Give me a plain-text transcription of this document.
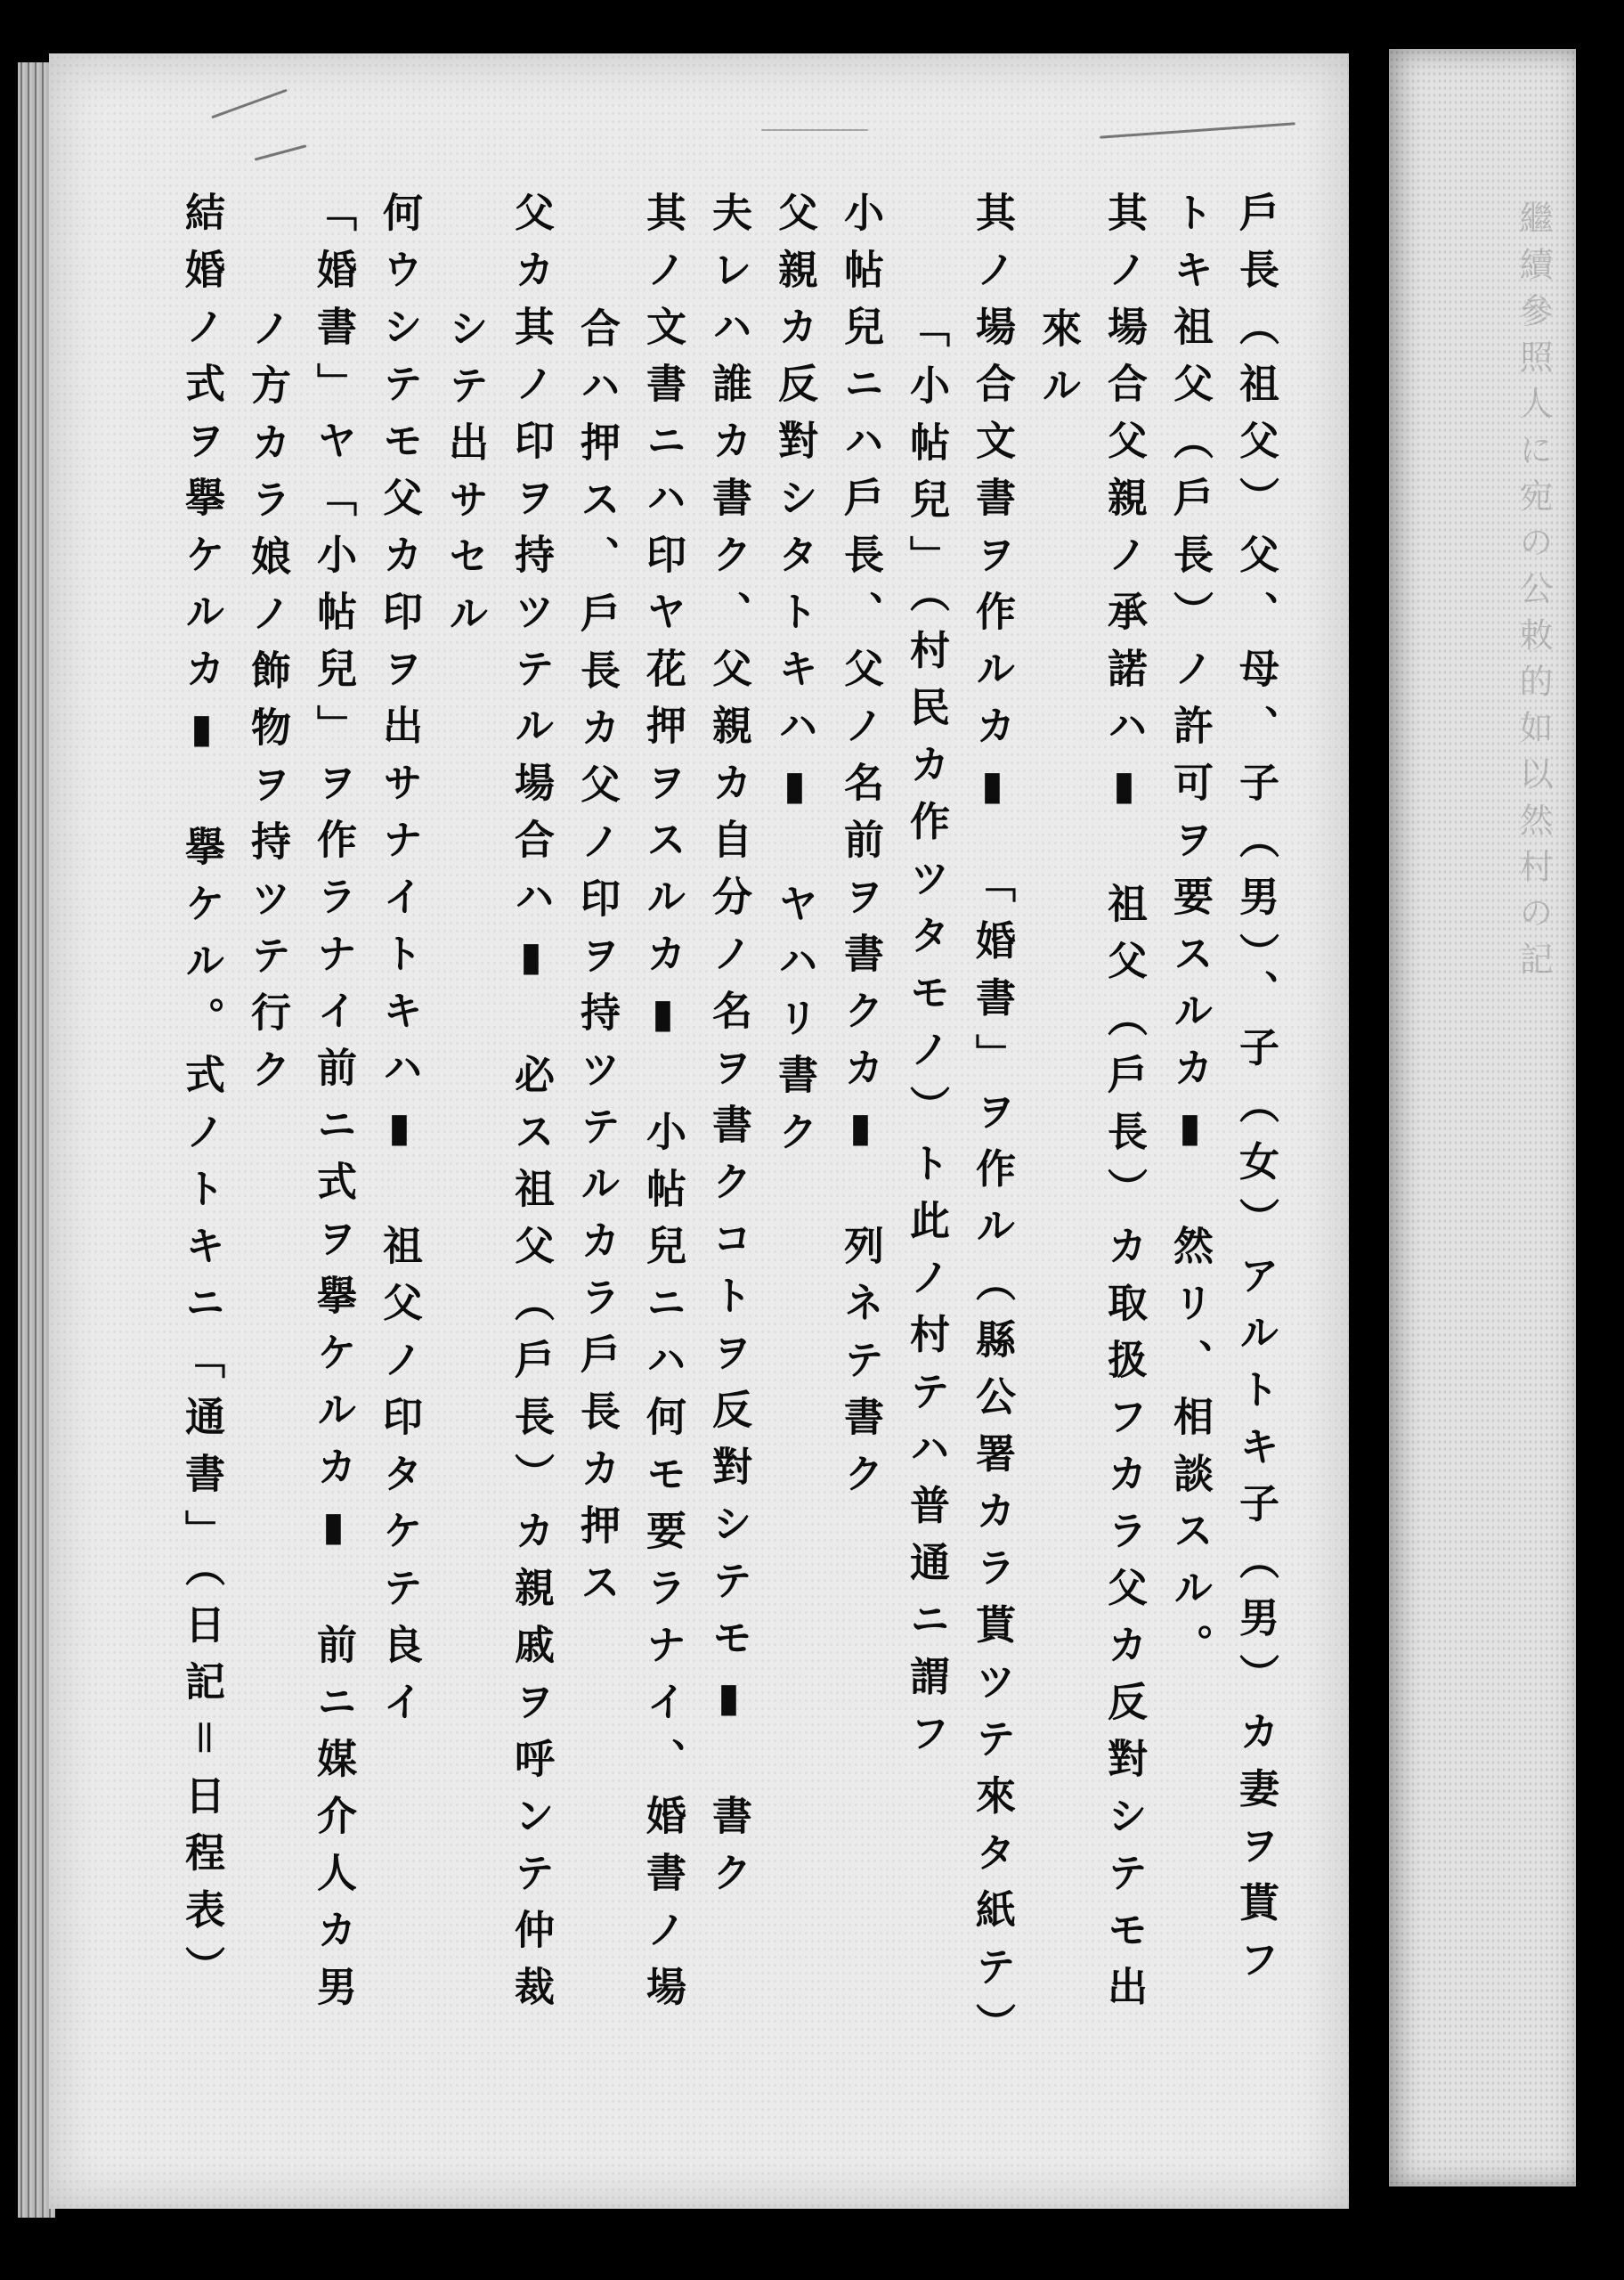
繼續參照人に宛の公敕的如以然村の記
戶長（祖父）父、母、子（男）、子（女）アルトキ子（男）カ妻ヲ貰フ
トキ祖父（戶長）ノ許可ヲ要スルカ▮　然リ、相談スル。
其ノ場合父親ノ承諾ハ▮　祖父（戶長）カ取扱フカラ父カ反對シテモ出
來ル
其ノ場合文書ヲ作ルカ▮　「婚書」ヲ作ル（縣公署カラ貰ツテ來タ紙テ）
「小帖兒」（村民カ作ツタモノ）ト此ノ村テハ普通ニ謂フ
小帖兒ニハ戶長、父ノ名前ヲ書クカ▮　列ネテ書ク
父親カ反對シタトキハ▮　ヤハリ書ク
夫レハ誰カ書ク、父親カ自分ノ名ヲ書クコトヲ反對シテモ▮　書ク
其ノ文書ニハ印ヤ花押ヲスルカ▮　小帖兒ニハ何モ要ラナイ、婚書ノ場
合ハ押ス、戶長カ父ノ印ヲ持ツテルカラ戶長カ押ス
父カ其ノ印ヲ持ツテル場合ハ▮　必ス祖父（戶長）カ親戚ヲ呼ンテ仲裁
シテ出サセル
何ウシテモ父カ印ヲ出サナイトキハ▮　祖父ノ印タケテ良イ
「婚書」ヤ「小帖兒」ヲ作ラナイ前ニ式ヲ擧ケルカ▮　前ニ媒介人カ男
ノ方カラ娘ノ飾物ヲ持ツテ行ク
結婚ノ式ヲ擧ケルカ▮　擧ケル。式ノトキニ「通書」（日記＝日程表）
